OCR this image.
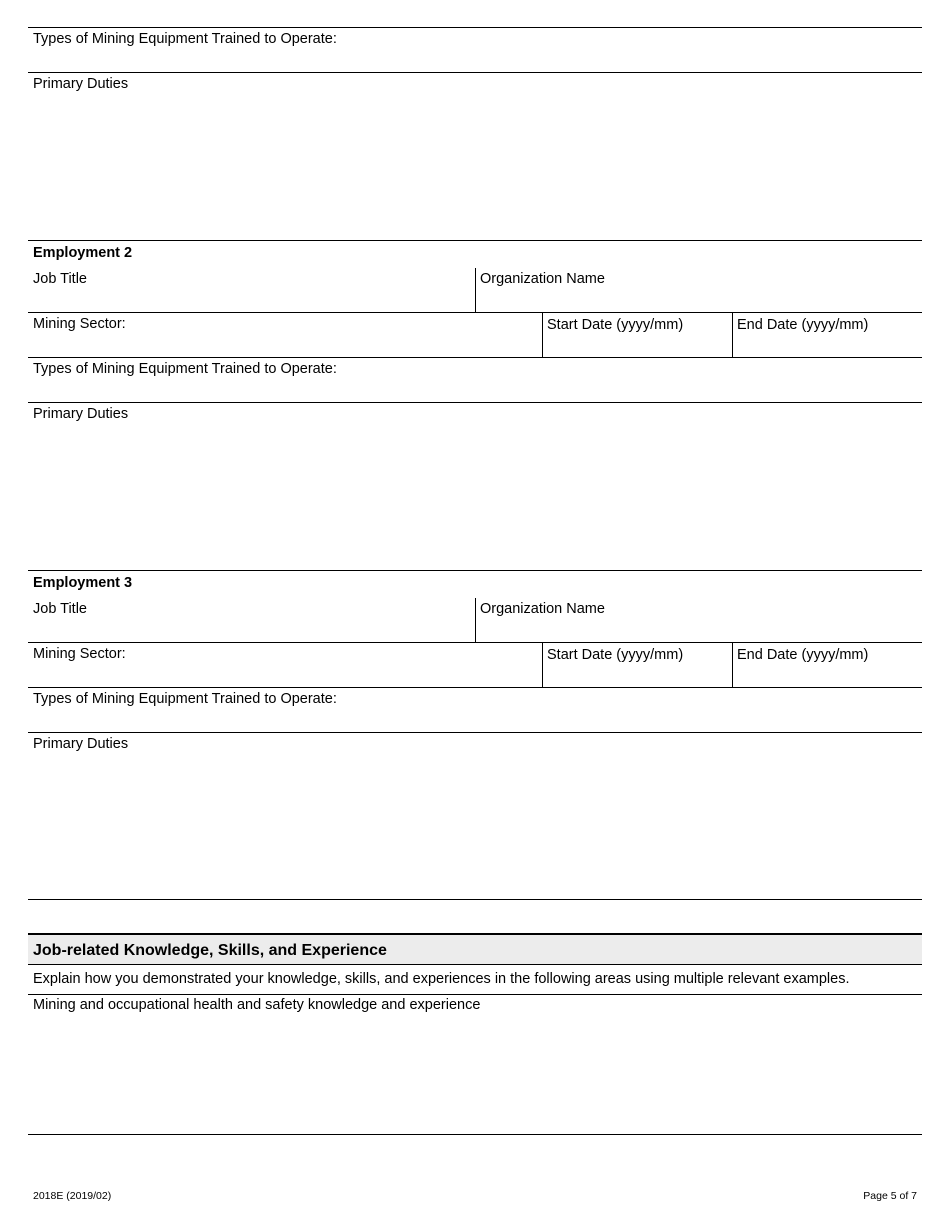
Types of Mining Equipment Trained to Operate:
Primary Duties
Employment 2
Job Title	Organization Name
Mining Sector:	Start Date (yyyy/mm)	End Date (yyyy/mm)
Types of Mining Equipment Trained to Operate:
Primary Duties
Employment 3
Job Title	Organization Name
Mining Sector:	Start Date (yyyy/mm)	End Date (yyyy/mm)
Types of Mining Equipment Trained to Operate:
Primary Duties
Job-related Knowledge, Skills, and Experience
Explain how you demonstrated your knowledge, skills, and experiences in the following areas using multiple relevant examples.
Mining and occupational health and safety knowledge and experience
2018E (2019/02)	Page 5 of 7
